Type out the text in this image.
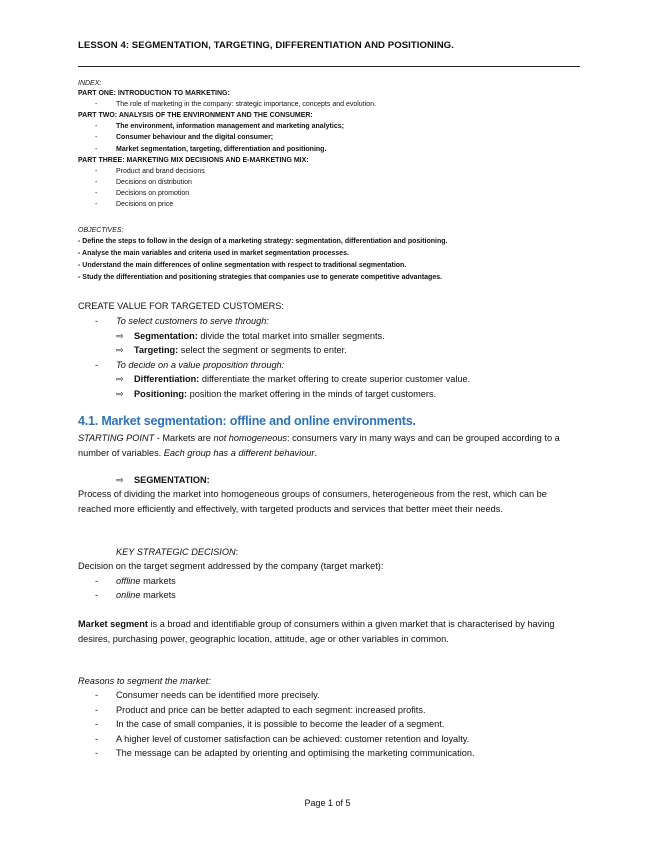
LESSON 4: SEGMENTATION, TARGETING, DIFFERENTIATION AND POSITIONING.
INDEX:
PART ONE: INTRODUCTION TO MARKETING:
-	The role of marketing in the company: strategic importance, concepts and evolution.
PART TWO: ANALYSIS OF THE ENVIRONMENT AND THE CONSUMER:
-	The environment, information management and marketing analytics;
-	Consumer behaviour and the digital consumer;
-	Market segmentation, targeting, differentiation and positioning.
PART THREE: MARKETING MIX DECISIONS AND E-MARKETING MIX:
-	Product and brand decisions
-	Decisions on distribution
-	Decisions on promotion
-	Decisions on price
OBJECTIVES:
- Define the steps to follow in the design of a marketing strategy: segmentation, differentiation and positioning.
- Analyse the main variables and criteria used in market segmentation processes.
- Understand the main differences of online segmentation with respect to traditional segmentation.
- Study the differentiation and positioning strategies that companies use to generate competitive advantages.
CREATE VALUE FOR TARGETED CUSTOMERS:
- To select customers to serve through:
⇨ Segmentation: divide the total market into smaller segments.
⇨ Targeting: select the segment or segments to enter.
- To decide on a value proposition through:
⇨ Differentiation: differentiate the market offering to create superior customer value.
⇨ Positioning: position the market offering in the minds of target customers.
4.1. Market segmentation: offline and online environments.
STARTING POINT - Markets are not homogeneous: consumers vary in many ways and can be grouped according to a number of variables. Each group has a different behaviour.
⇨ SEGMENTATION:
Process of dividing the market into homogeneous groups of consumers, heterogeneous from the rest, which can be reached more efficiently and effectively, with targeted products and services that better meet their needs.
KEY STRATEGIC DECISION:
Decision on the target segment addressed by the company (target market):
- offline markets
- online markets
Market segment is a broad and identifiable group of consumers within a given market that is characterised by having desires, purchasing power, geographic location, attitude, age or other variables in common.
Reasons to segment the market:
- Consumer needs can be identified more precisely.
- Product and price can be better adapted to each segment: increased profits.
- In the case of small companies, it is possible to become the leader of a segment.
- A higher level of customer satisfaction can be achieved: customer retention and loyalty.
- The message can be adapted by orienting and optimising the marketing communication.
Page 1 of 5
